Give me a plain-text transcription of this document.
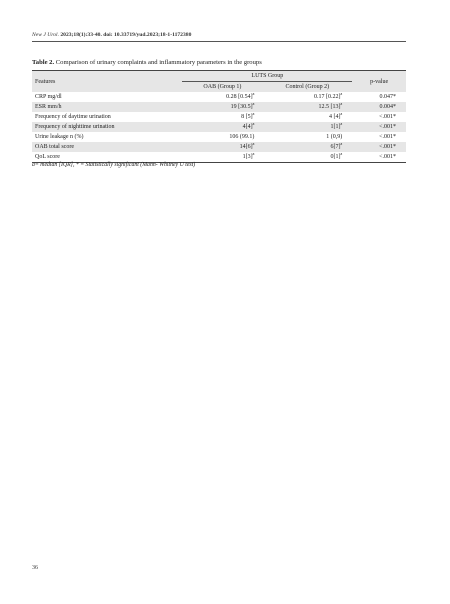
New J Urol. 2023;18(1):33-40. doi: 10.33719/yud.2023;18-1-1172380
Table 2. Comparison of urinary complaints and inflammatory parameters in the groups
Features	LUTS Group		p-value
	OAB (Group 1)	Control (Group 2)	
CRP mg/dl	0.28 $[0.54]^a$	0.17 $[0.22]^a$	0.047*
ESR mm/h	19 $[30.5]^a$	12.5 $[13]^a$	0.004*
Frequency of daytime urination	8 $[5]^a$	4 $[4]^a$	<.001*
Frequency of nighttime urination	$4[4]^a$	$1[1]^a$	<.001*
Urine leakage n (%)	106 (99.1)	1 (0,9)	<.001*
OAB total score	$14[6]^a$	$6[7]^a$	<.001*
QoL score	$1[3]^a$	$0[1]^a$	<.001*
a= median [IQR], * = Statistically significant (Mann- Whitney U test)
36
